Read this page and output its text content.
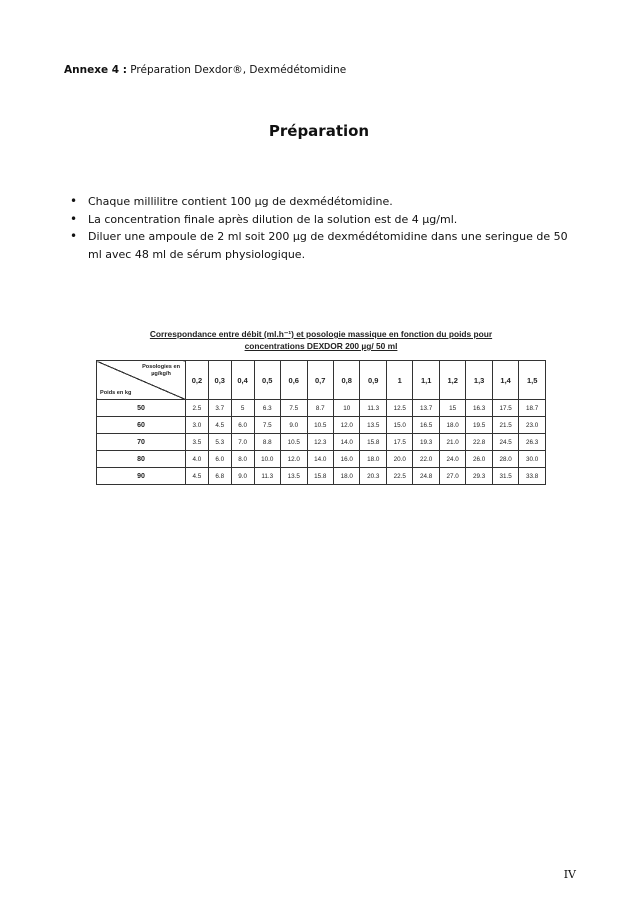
Annexe 4 : Préparation Dexdor®, Dexmédétomidine
Préparation
• Chaque millilitre contient 100 µg de dexmédétomidine.
• La concentration finale après dilution de la solution est de 4 µg/ml.
• Diluer une ampoule de 2 ml soit 200 µg de dexmédétomidine dans une seringue de 50 ml avec 48 ml de sérum physiologique.
Correspondance entre débit (ml.h⁻¹) et posologie massique en fonction du poids pour
concentrations DEXDOR 200 µg/ 50 ml
Posologies en
µg/kg/h
Poids en kg	0,2	0,3	0,4	0,5	0,6	0,7	0,8	0,9	1	1,1	1,2	1,3	1,4	1,5
50	2.5	3.7	5	6.3	7.5	8.7	10	11.3	12.5	13.7	15	16.3	17.5	18.7
60	3.0	4.5	6.0	7.5	9.0	10.5	12.0	13.5	15.0	16.5	18.0	19.5	21.5	23.0
70	3.5	5.3	7.0	8.8	10.5	12.3	14.0	15.8	17.5	19.3	21.0	22.8	24.5	26.3
80	4.0	6.0	8.0	10.0	12.0	14.0	16.0	18.0	20.0	22.0	24.0	26.0	28.0	30.0
90	4.5	6.8	9.0	11.3	13.5	15.8	18.0	20.3	22.5	24.8	27.0	29.3	31.5	33.8
IV
